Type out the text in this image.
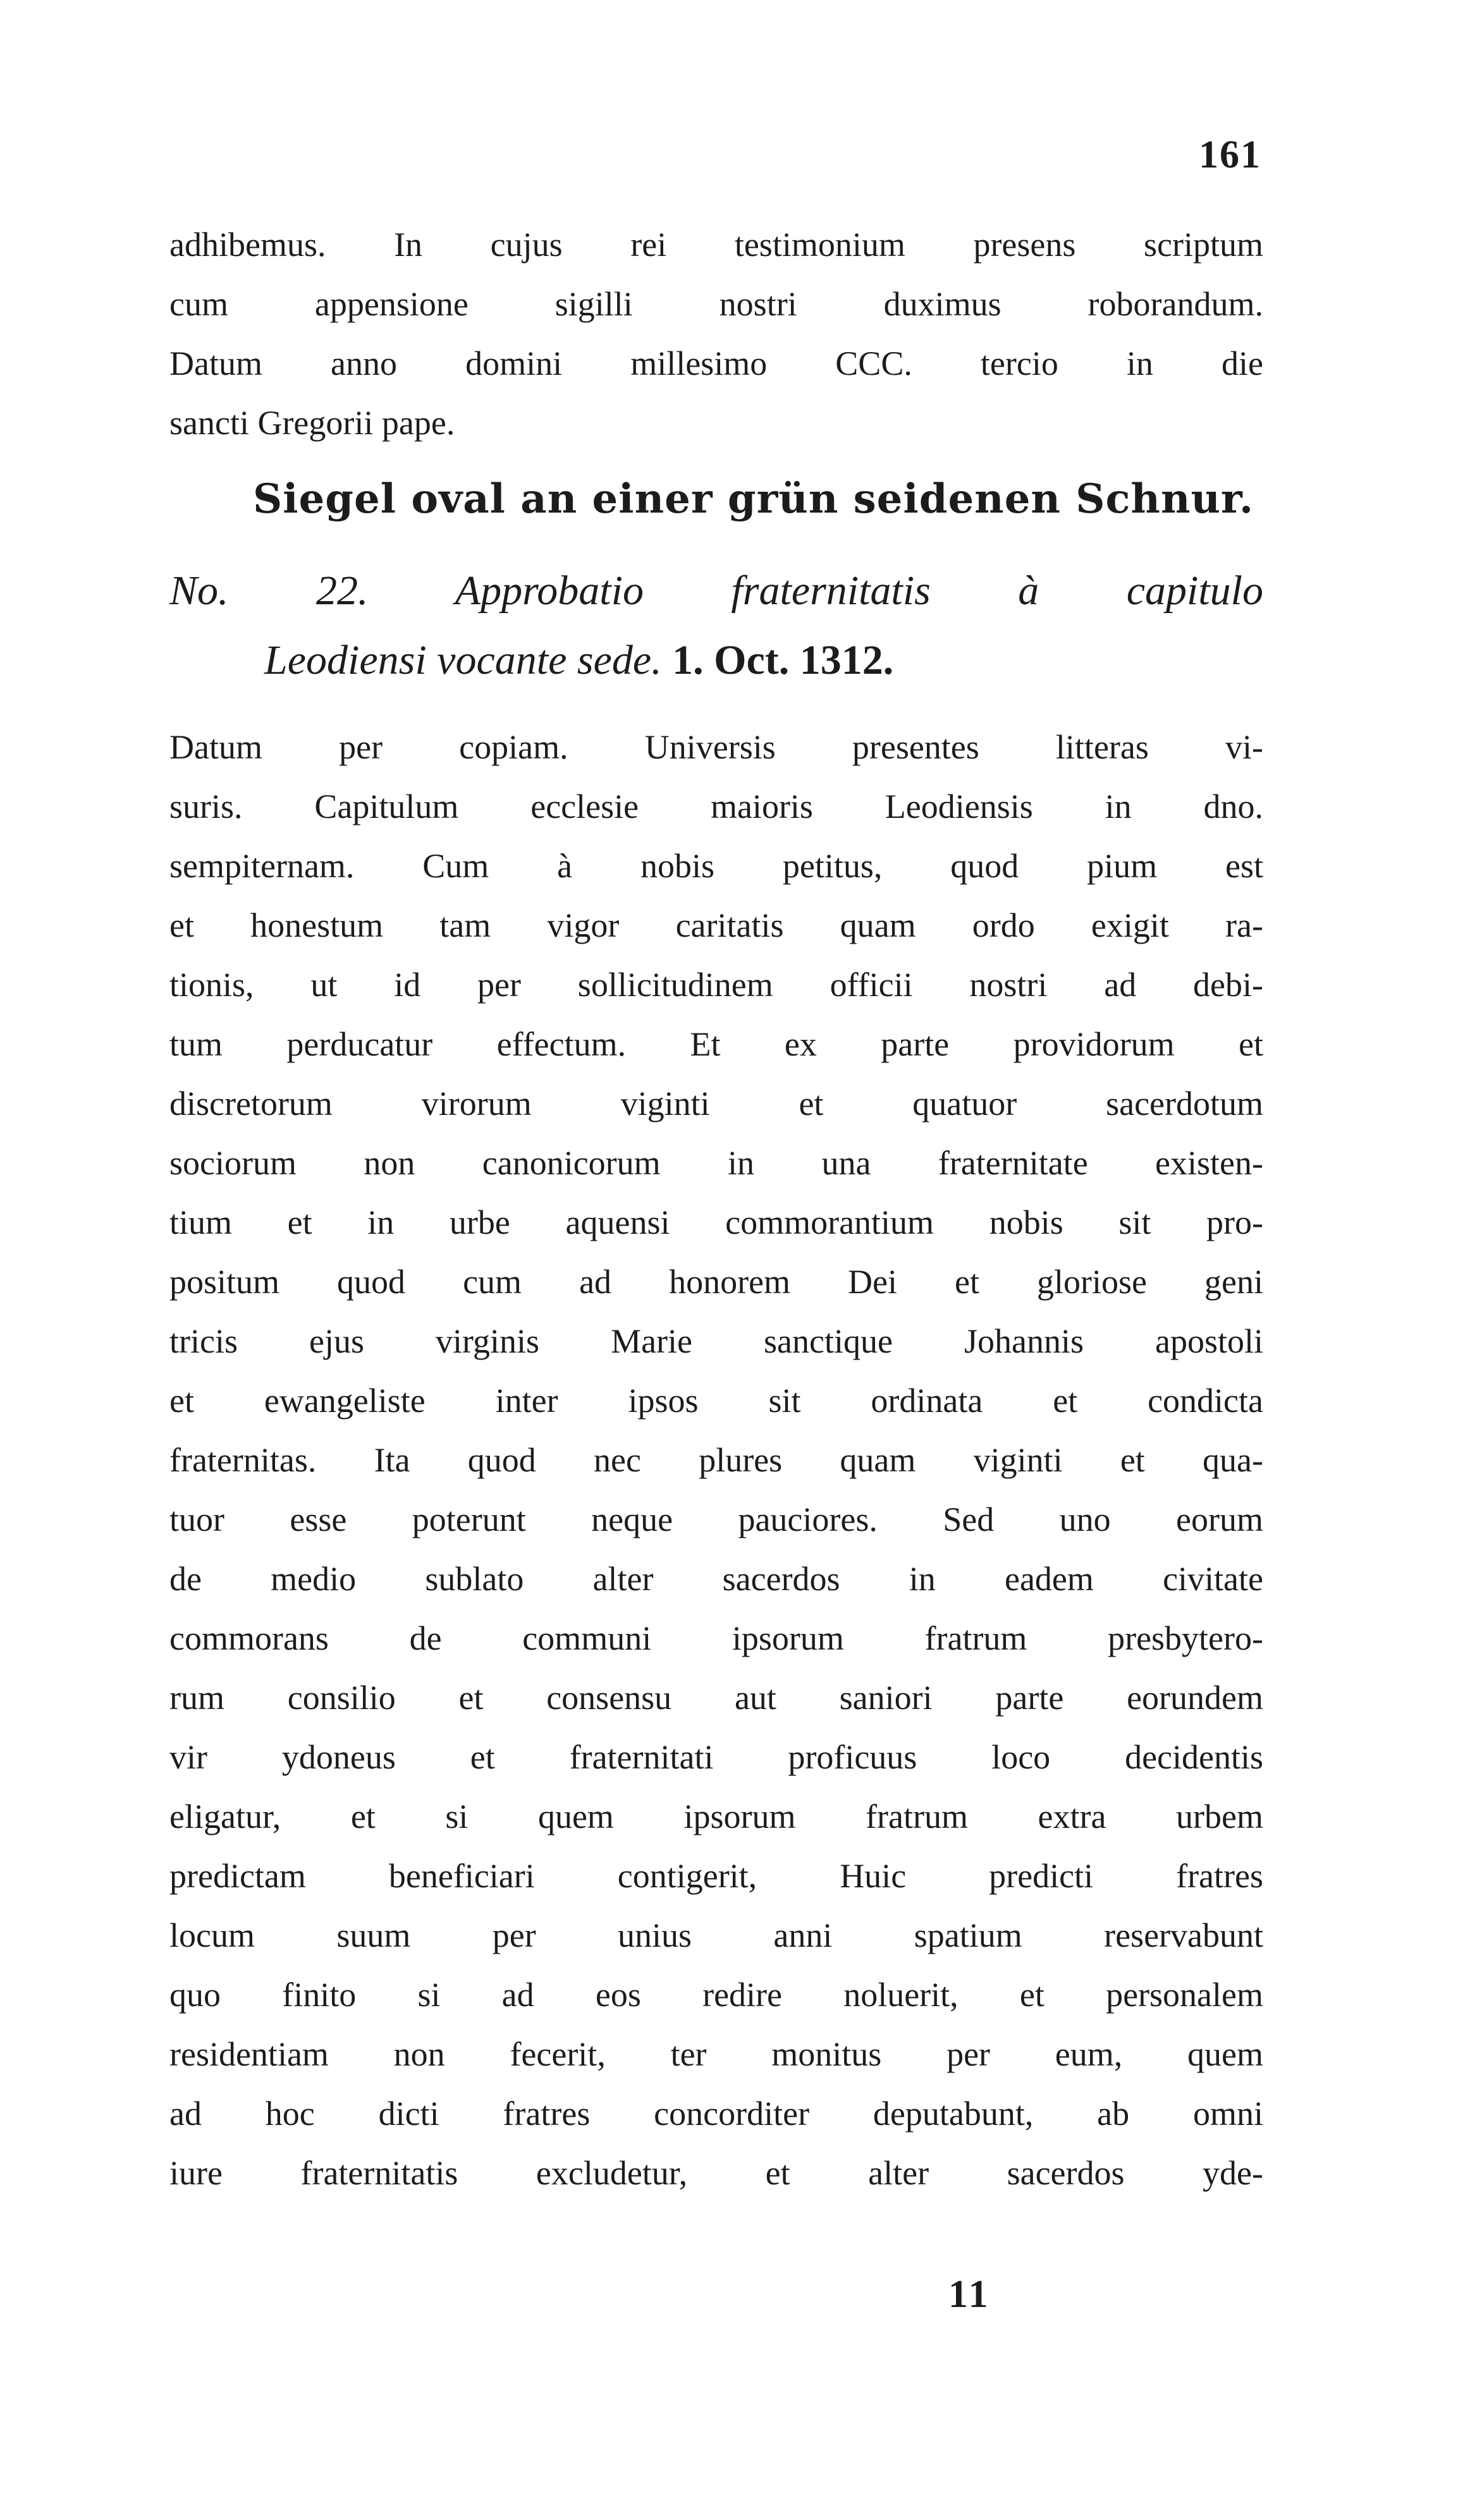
161
adhibemus. In cujus rei testimonium presens scriptum
cum appensione sigilli nostri duximus roborandum.
Datum anno domini millesimo CCC. tercio in die
sancti Gregorii pape.
Siegel oval an einer grün seidenen Schnur.
No. 22. Approbatio fraternitatis à capitulo
Leodiensi vocante sede. 1. Oct. 1312.
Datum per copiam. Universis presentes litteras vi-
suris. Capitulum ecclesie maioris Leodiensis in dno.
sempiternam. Cum à nobis petitus, quod pium est
et honestum tam vigor caritatis quam ordo exigit ra-
tionis, ut id per sollicitudinem officii nostri ad debi-
tum perducatur effectum. Et ex parte providorum et
discretorum virorum viginti et quatuor sacerdotum
sociorum non canonicorum in una fraternitate existen-
tium et in urbe aquensi commorantium nobis sit pro-
positum quod cum ad honorem Dei et gloriose geni
tricis ejus virginis Marie sanctique Johannis apostoli
et ewangeliste inter ipsos sit ordinata et condicta
fraternitas. Ita quod nec plures quam viginti et qua-
tuor esse poterunt neque pauciores. Sed uno eorum
de medio sublato alter sacerdos in eadem civitate
commorans de communi ipsorum fratrum presbytero-
rum consilio et consensu aut saniori parte eorundem
vir ydoneus et fraternitati proficuus loco decidentis
eligatur, et si quem ipsorum fratrum extra urbem
predictam beneficiari contigerit, Huic predicti fratres
locum suum per unius anni spatium reservabunt
quo finito si ad eos redire noluerit, et personalem
residentiam non fecerit, ter monitus per eum, quem
ad hoc dicti fratres concorditer deputabunt, ab omni
iure fraternitatis excludetur, et alter sacerdos yde-
11
